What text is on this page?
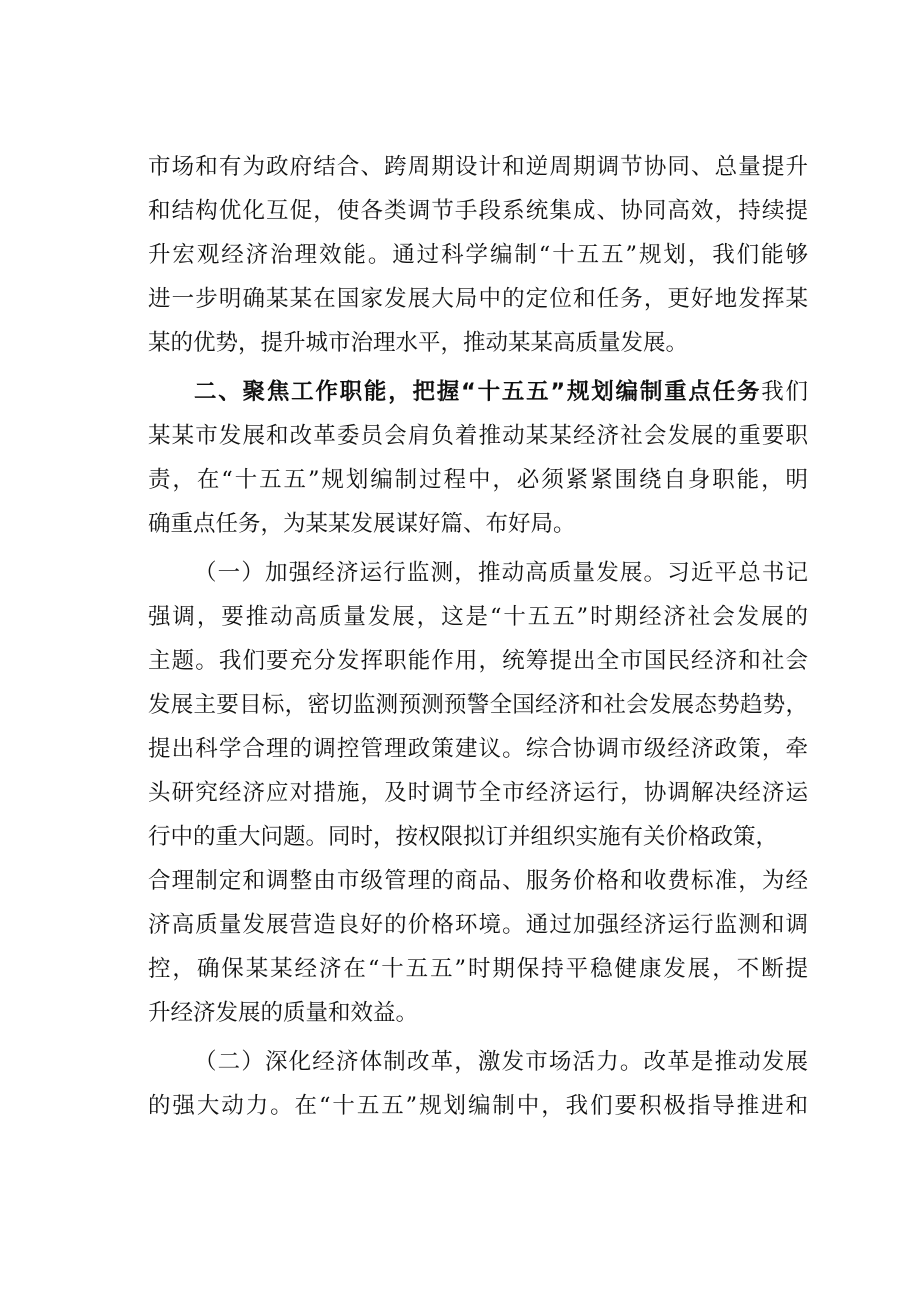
市场和有为政府结合、跨周期设计和逆周期调节协同、总量提升
和结构优化互促，使各类调节手段系统集成、协同高效，持续提
升宏观经济治理效能。通过科学编制“十五五”规划，我们能够
进一步明确某某在国家发展大局中的定位和任务，更好地发挥某
某的优势，提升城市治理水平，推动某某高质量发展。
二、聚焦工作职能，把握“十五五”规划编制重点任务我们
某某市发展和改革委员会肩负着推动某某经济社会发展的重要职
责，在“十五五”规划编制过程中，必须紧紧围绕自身职能，明
确重点任务，为某某发展谋好篇、布好局。
（一）加强经济运行监测，推动高质量发展。习近平总书记
强调，要推动高质量发展，这是“十五五”时期经济社会发展的
主题。我们要充分发挥职能作用，统筹提出全市国民经济和社会
发展主要目标，密切监测预测预警全国经济和社会发展态势趋势，
提出科学合理的调控管理政策建议。综合协调市级经济政策，牵
头研究经济应对措施，及时调节全市经济运行，协调解决经济运
行中的重大问题。同时，按权限拟订并组织实施有关价格政策，
合理制定和调整由市级管理的商品、服务价格和收费标准，为经
济高质量发展营造良好的价格环境。通过加强经济运行监测和调
控，确保某某经济在“十五五”时期保持平稳健康发展，不断提
升经济发展的质量和效益。
（二）深化经济体制改革，激发市场活力。改革是推动发展
的强大动力。在“十五五”规划编制中，我们要积极指导推进和
